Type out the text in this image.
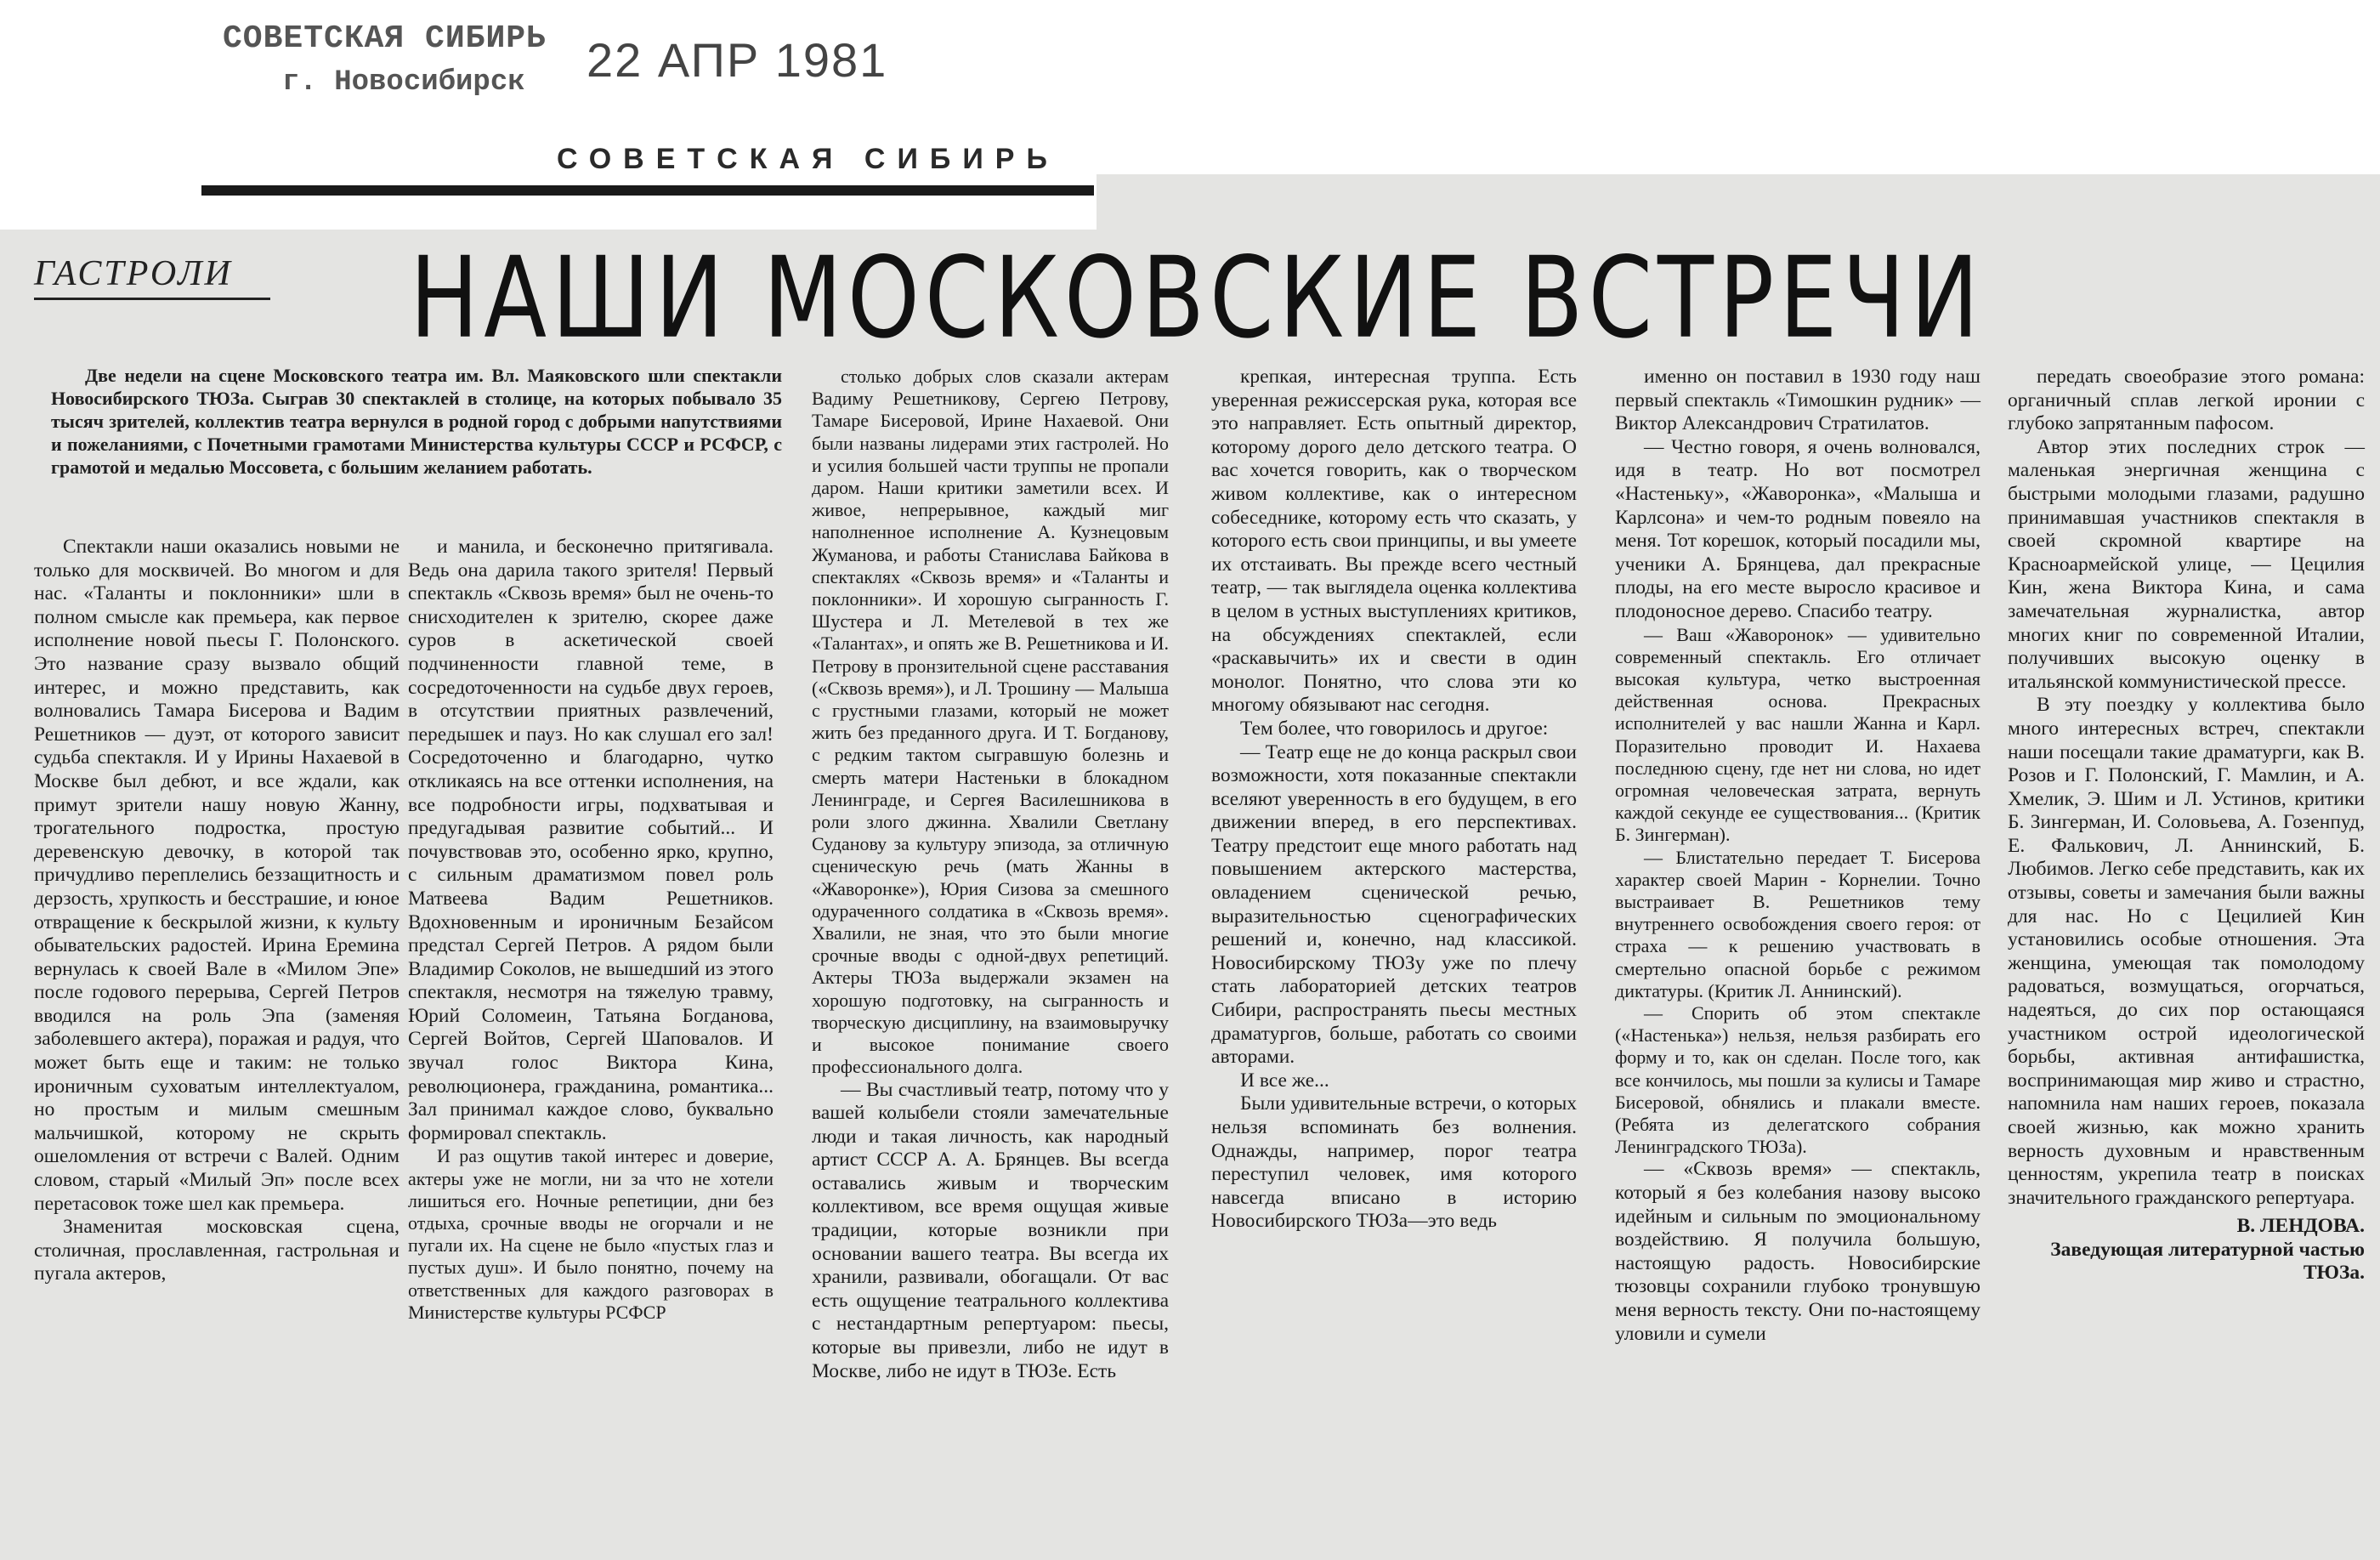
СОВЕТСКАЯ СИБИРЬ
г. Новосибирск 22 АПР 1981
СОВЕТСКАЯ СИБИРЬ
ГАСТРОЛИ НАШИ МОСКОВСКИЕ ВСТРЕЧИ
Две недели на сцене Московского театра им. Вл. Маяковского шли спектакли Новосибирского ТЮЗа. Сыграв 30 спектаклей в столице, на которых побывало 35 тысяч зрителей, коллектив театра вернулся в родной город с добрыми напутствиями и пожеланиями, с Почетными грамотами Министерства культуры СССР и РСФСР, с грамотой и медалью Моссовета, с большим желанием работать.

Спектакли наши оказались новыми не только для москвичей. Во многом и для нас. «Таланты и поклонники» шли в полном смысле как премьера, как первое исполнение новой пьесы Г. Полонского. Это название сразу вызвало общий интерес, и можно представить, как волновались Тамара Бисерова и Вадим Решетников — дуэт, от которого зависит судьба спектакля. И у Ирины Нахаевой в Москве был дебют, и все ждали, как примут зрители нашу новую Жанну, трогательного подростка, простую деревенскую девочку, в которой так причудливо переплелись беззащитность и дерзость, хрупкость и бесстрашие, и юное отвращение к бескрылой жизни, к культу обывательских радостей. Ирина Еремина вернулась к своей Вале в «Милом Эпе» после годового перерыва, Сергей Петров вводился на роль Эпа (заменяя заболевшего актера), поражая и радуя, что может быть еще и таким: не только ироничным суховатым интеллектуалом, но простым и милым смешным мальчишкой, которому не скрыть ошеломления от встречи с Валей. Одним словом, старый «Милый Эп» после всех перетасовок тоже шел как премьера.

Знаменитая московская сцена, столичная, прославленная, гастрольная и пугала актеров,

и манила, и бесконечно притягивала. Ведь она дарила такого зрителя! Первый спектакль «Сквозь время» был не очень-то снисходителен к зрителю, скорее даже суров в аскетической своей подчиненности главной теме, в сосредоточенности на судьбе двух героев, в отсутствии приятных развлечений, передышек и пауз. Но как слушал его зал! Сосредоточенно и благодарно, чутко откликаясь на все оттенки исполнения, на все подробности игры, подхватывая и предугадывая развитие событий... И почувствовав это, особенно ярко, крупно, с сильным драматизмом повел роль Матвеева Вадим Решетников. Вдохновенным и ироничным Безайсом предстал Сергей Петров. А рядом были Владимир Соколов, не вышедший из этого спектакля, несмотря на тяжелую травму, Юрий Соломеин, Татьяна Богданова, Сергей Войтов, Сергей Шаповалов. И звучал голос Виктора Кина, революционера, гражданина, романтика... Зал принимал каждое слово, буквально формировал спектакль.

И раз ощутив такой интерес и доверие, актеры уже не могли, ни за что не хотели лишиться его. Ночные репетиции, дни без отдыха, срочные вводы не огорчали и не пугали их. На сцене не было «пустых глаз и пустых душ». И было понятно, почему на ответственных для каждого разговорах в Министерстве культуры РСФСР

столько добрых слов сказали актерам Вадиму Решетникову, Сергею Петрову, Тамаре Бисеровой, Ирине Нахаевой. Они были названы лидерами этих гастролей. Но и усилия большей части труппы не пропали даром. Наши критики заметили всех. И живое, непрерывное, каждый миг наполненное исполнение А. Кузнецовым Жуманова, и работы Станислава Байкова в спектаклях «Сквозь время» и «Таланты и поклонники». И хорошую сыгранность Г. Шустера и Л. Метелевой в тех же «Талантах», и опять же В. Решетникова и И. Петрову в пронзительной сцене расставания («Сквозь время»), и Л. Трошину — Малыша с грустными глазами, который не может жить без преданного друга. И Т. Богданову, с редким тактом сыгравшую болезнь и смерть матери Настеньки в блокадном Ленинграде, и Сергея Василешникова в роли злого джинна. Хвалили Светлану Суданову за культуру эпизода, за отличную сценическую речь (мать Жанны в «Жаворонке»), Юрия Сизова за смешного одураченного солдатика в «Сквозь время». Хвалили, не зная, что это были многие срочные вводы с одной-двух репетиций. Актеры ТЮЗа выдержали экзамен на хорошую подготовку, на сыгранность и творческую дисциплину, на взаимовыручку и высокое понимание своего профессионального долга.

— Вы счастливый театр, потому что у вашей колыбели стояли замечательные люди и такая личность, как народный артист СССР А. А. Брянцев. Вы всегда оставались живым и творческим коллективом, все время ощущая живые традиции, которые возникли при основании вашего театра. Вы всегда их хранили, развивали, обогащали. От вас есть ощущение театрального коллектива с нестандартным репертуаром: пьесы, которые вы привезли, либо не идут в Москве, либо не идут в ТЮЗе. Есть

крепкая, интересная труппа. Есть уверенная режиссерская рука, которая все это направляет. Есть опытный директор, которому дорого дело детского театра. О вас хочется говорить, как о творческом живом коллективе, как о интересном собеседнике, которому есть что сказать, у которого есть свои принципы, и вы умеете их отстаивать. Вы прежде всего честный театр, — так выглядела оценка коллектива в целом в устных выступлениях критиков, на обсуждениях спектаклей, если «раскавычить» их и свести в один монолог. Понятно, что слова эти ко многому обязывают нас сегодня.

Тем более, что говорилось и другое:

— Театр еще не до конца раскрыл свои возможности, хотя показанные спектакли вселяют уверенность в его будущем, в его движении вперед, в его перспективах. Театру предстоит еще много работать над повышением актерского мастерства, овладением сценической речью, выразительностью сценографических решений и, конечно, над классикой. Новосибирскому ТЮЗу уже по плечу стать лабораторией детских театров Сибири, распространять пьесы местных драматургов, больше, работать со своими авторами.

И все же...

Были удивительные встречи, о которых нельзя вспоминать без волнения. Однажды, например, порог театра переступил человек, имя которого навсегда вписано в историю Новосибирского ТЮЗа—это ведь

именно он поставил в 1930 году наш первый спектакль «Тимошкин рудник» — Виктор Александрович Стратилатов.

— Честно говоря, я очень волновался, идя в театр. Но вот посмотрел «Настеньку», «Жаворонка», «Малыша и Карлсона» и чем-то родным повеяло на меня. Тот корешок, который посадили мы, ученики А. Брянцева, дал прекрасные плоды, на его месте выросло красивое и плодоносное дерево. Спасибо театру.

— Ваш «Жаворонок» — удивительно современный спектакль. Его отличает высокая культура, четко выстроенная действенная основа. Прекрасных исполнителей у вас нашли Жанна и Карл. Поразительно проводит И. Нахаева последнюю сцену, где нет ни слова, но идет огромная человеческая затрата, вернуть каждой секунде ее существования... (Критик Б. Зингерман).

— Блистательно передает Т. Бисерова характер своей Марин - Корнелии. Точно выстраивает В. Решетников тему внутреннего освобождения своего героя: от страха — к решению участвовать в смертельно опасной борьбе с режимом диктатуры. (Критик Л. Аннинский).

— Спорить об этом спектакле («Настенька») нельзя, нельзя разбирать его форму и то, как он сделан. После того, как все кончилось, мы пошли за кулисы и Тамаре Бисеровой, обнялись и плакали вместе. (Ребята из делегатского собрания Ленинградского ТЮЗа).

— «Сквозь время» — спектакль, который я без колебания назову высоко идейным и сильным по эмоциональному воздействию. Я получила большую, настоящую радость. Новосибирские тюзовцы сохранили глубоко тронувшую меня верность тексту. Они по-настоящему уловили и сумели

передать своеобразие этого романа: органичный сплав легкой иронии с глубоко запрятанным пафосом.

Автор этих последних строк — маленькая энергичная женщина с быстрыми молодыми глазами, радушно принимавшая участников спектакля в своей скромной квартире на Красноармейской улице, — Цецилия Кин, жена Виктора Кина, и сама замечательная журналистка, автор многих книг по современной Италии, получивших высокую оценку в итальянской коммунистической прессе.

В эту поездку у коллектива было много интересных встреч, спектакли наши посещали такие драматурги, как В. Розов и Г. Полонский, Г. Мамлин, и А. Хмелик, Э. Шим и Л. Устинов, критики Б. Зингерман, И. Соловьева, А. Гозенпуд, Е. Фалькович, Л. Аннинский, Б. Любимов. Легко себе представить, как их отзывы, советы и замечания были важны для нас. Но с Цецилией Кин установились особые отношения. Эта женщина, умеющая так помолодому радоваться, возмущаться, огорчаться, надеяться, до сих пор остающаяся участником острой идеологической борьбы, активная антифашистка, воспринимающая мир живо и страстно, напомнила нам наших героев, показала своей жизнью, как можно хранить верность духовным и нравственным ценностям, укрепила театр в поисках значительного гражданского репертуара.

В. ЛЕНДОВА.

Заведующая литературной частью ТЮЗа.
